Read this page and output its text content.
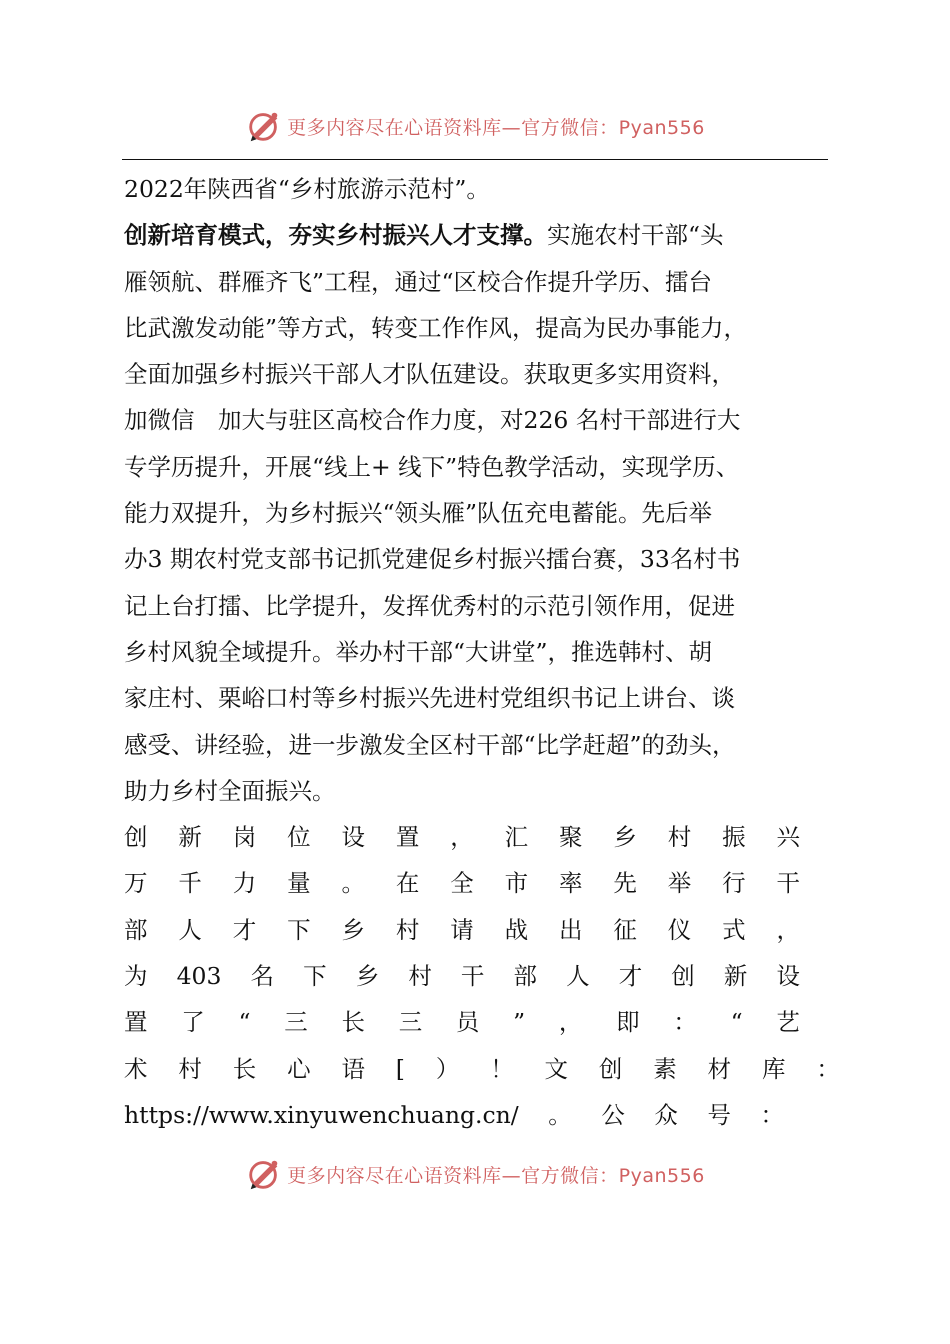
更多内容尽在心语资料库—官方微信：Pyan556

2022年陕西省“乡村旅游示范村”。

创新培育模式，夯实乡村振兴人才支撑。实施农村干部“头

雁领航、群雁齐飞”工程，通过“区校合作提升学历、擂台

比武激发动能”等方式，转变工作作风，提高为民办事能力，

全面加强乡村振兴干部人才队伍建设。获取更多实用资料，

加微信　加大与驻区高校合作力度，对226 名村干部进行大

专学历提升，开展“线上+ 线下”特色教学活动，实现学历、

能力双提升，为乡村振兴“领头雁”队伍充电蓄能。先后举

办3 期农村党支部书记抓党建促乡村振兴擂台赛，33名村书

记上台打擂、比学提升，发挥优秀村的示范引领作用，促进

乡村风貌全域提升。举办村干部“大讲堂”，推选韩村、胡

家庄村、栗峪口村等乡村振兴先进村党组织书记上讲台、谈

感受、讲经验，进一步激发全区村干部“比学赶超”的劲头，

助力乡村全面振兴。

创 新 岗 位 设 置 ， 汇 聚 乡 村 振 兴

万 千 力 量 。 在 全 市 率 先 举 行 干

部 人 才 下 乡 村 请 战 出 征 仪 式 ，

为 403 名 下 乡 村 干 部 人 才 创 新 设

置 了 “ 三 长 三 员 ” ， 即 ： “ 艺

术 村 长 心 语 [ ） ！ 文 创 素 材 库 ：

https://www.xinyuwenchuang.cn/ 。 公 众 号 ：

更多内容尽在心语资料库—官方微信：Pyan556
